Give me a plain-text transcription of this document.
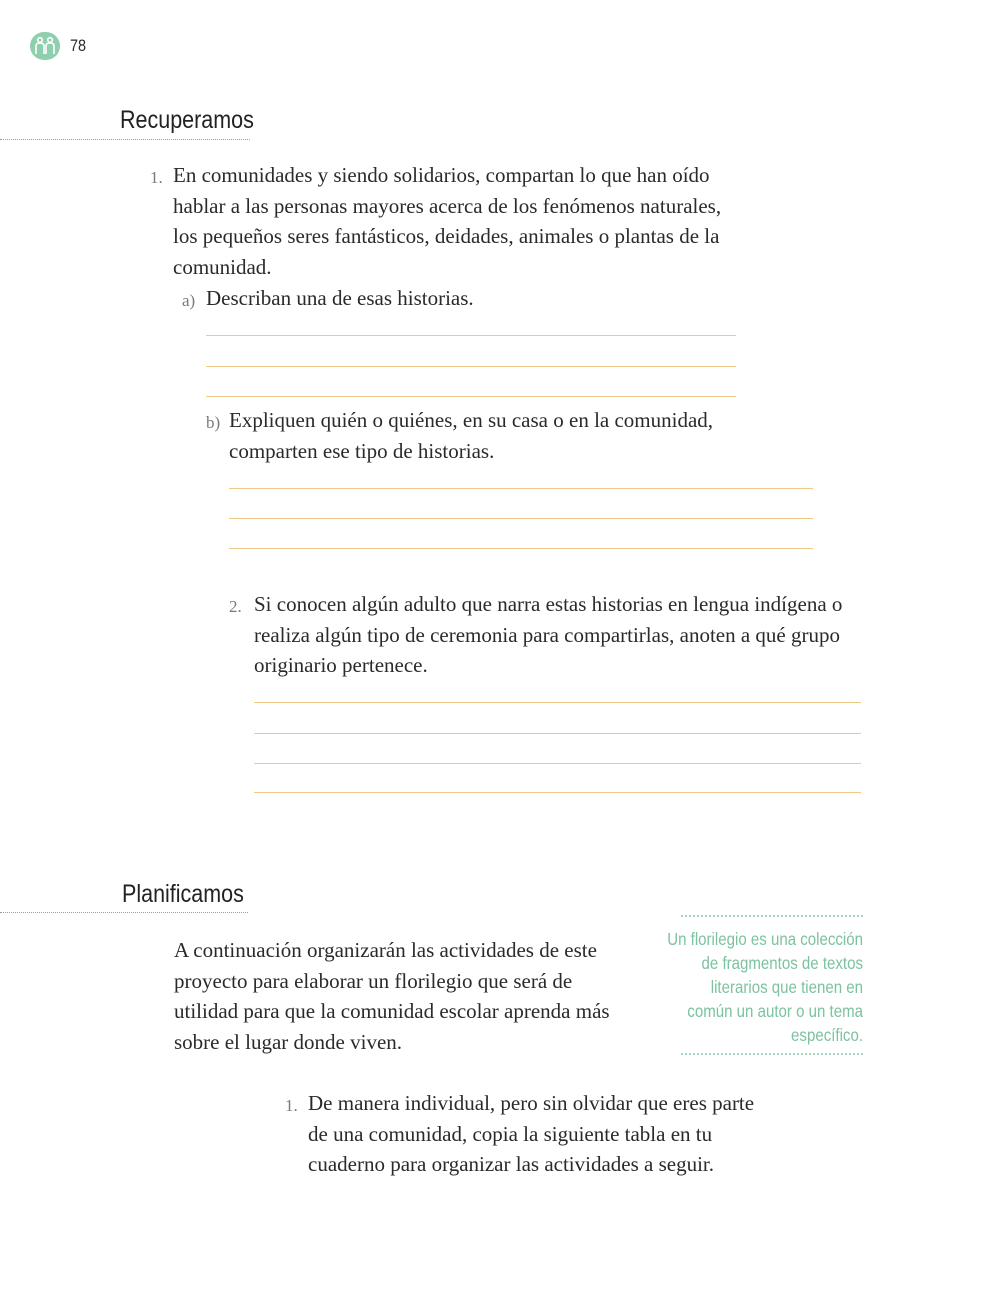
78
Recuperamos
1. En comunidades y siendo solidarios, compartan lo que han oído hablar a las personas mayores acerca de los fenómenos naturales, los pequeños seres fantásticos, deidades, animales o plantas de la comunidad.
a) Describan una de esas historias.
b) Expliquen quién o quiénes, en su casa o en la comunidad, comparten ese tipo de historias.
2. Si conocen algún adulto que narra estas historias en lengua indígena o realiza algún tipo de ceremonia para compartirlas, anoten a qué grupo originario pertenece.
Planificamos
A continuación organizarán las actividades de este proyecto para elaborar un florilegio que será de utilidad para que la comunidad escolar aprenda más sobre el lugar donde viven.
Un florilegio es una colección de fragmentos de textos literarios que tienen en común un autor o un tema específico.
1. De manera individual, pero sin olvidar que eres parte de una comunidad, copia la siguiente tabla en tu cuaderno para organizar las actividades a seguir.
